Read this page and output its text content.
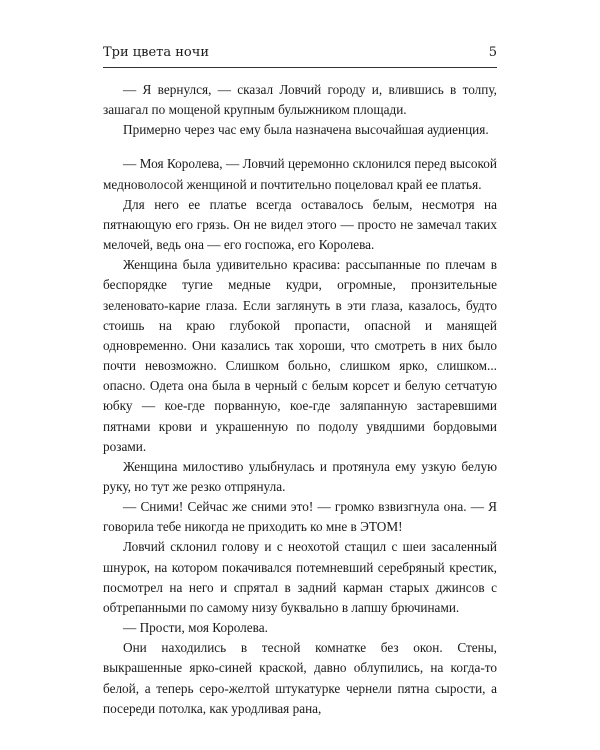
Три цвета ночи	5

— Я вернулся, — сказал Ловчий городу и, влившись в толпу, зашагал по мощеной крупным булыжником площади.

Примерно через час ему была назначена высочайшая аудиенция.

— Моя Королева, — Ловчий церемонно склонился перед высокой медноволосой женщиной и почтительно поцеловал край ее платья.

Для него ее платье всегда оставалось белым, несмотря на пятнающую его грязь. Он не видел этого — просто не замечал таких мелочей, ведь она — его госпожа, его Королева.

Женщина была удивительно красива: рассыпанные по плечам в беспорядке тугие медные кудри, огромные, пронзительные зеленовато-карие глаза. Если заглянуть в эти глаза, казалось, будто стоишь на краю глубокой пропасти, опасной и манящей одновременно. Они казались так хороши, что смотреть в них было почти невозможно. Слишком больно, слишком ярко, слишком... опасно. Одета она была в черный с белым корсет и белую сетчатую юбку — кое-где порванную, кое-где заляпанную застаревшими пятнами крови и украшенную по подолу увядшими бордовыми розами.

Женщина милостиво улыбнулась и протянула ему узкую белую руку, но тут же резко отпрянула.

— Сними! Сейчас же сними это! — громко взвизгнула она. — Я говорила тебе никогда не приходить ко мне в ЭТОМ!

Ловчий склонил голову и с неохотой стащил с шеи засаленный шнурок, на котором покачивался потемневший серебряный крестик, посмотрел на него и спрятал в задний карман старых джинсов с обтрепанными по самому низу буквально в лапшу брючинами.

— Прости, моя Королева.

Они находились в тесной комнатке без окон. Стены, выкрашенные ярко-синей краской, давно облупились, на когда-то белой, а теперь серо-желтой штукатурке чернели пятна сырости, а посереди потолка, как уродливая рана,
